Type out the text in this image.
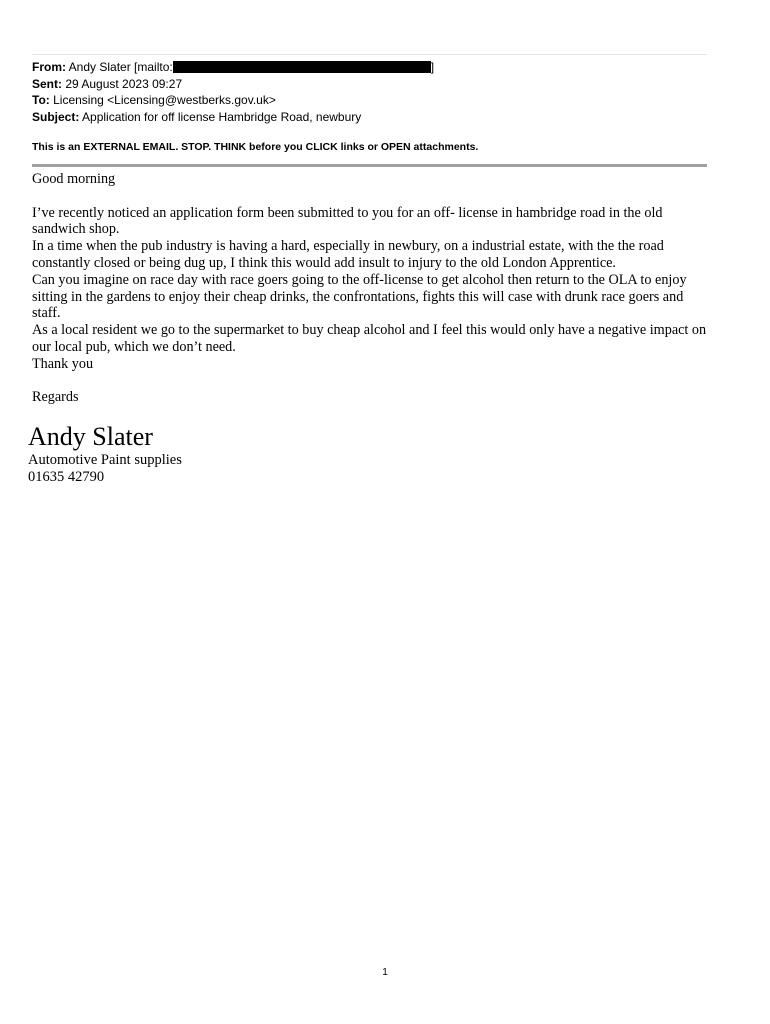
From: Andy Slater [mailto:	]
Sent: 29 August 2023 09:27
To: Licensing <Licensing@westberks.gov.uk>
Subject: Application for off license Hambridge Road, newbury
This is an EXTERNAL EMAIL. STOP. THINK before you CLICK links or OPEN attachments.

Good morning

I’ve recently noticed an application form been submitted to you for an off- license in hambridge road in the old sandwich shop.

In a time when the pub industry is having a hard, especially in newbury, on a industrial estate, with the the road constantly closed or being dug up, I think this would add insult to injury to the old London Apprentice.

Can you imagine on race day with race goers going to the off-license to get alcohol then return to the OLA to enjoy sitting in the gardens to enjoy their cheap drinks, the confrontations, fights this will case with drunk race goers and staff.

As a local resident we go to the supermarket to buy cheap alcohol and I feel this would only have a negative impact on our local pub, which we don’t need.

Thank you

Regards

Andy Slater
Automotive Paint supplies
01635 42790
1
